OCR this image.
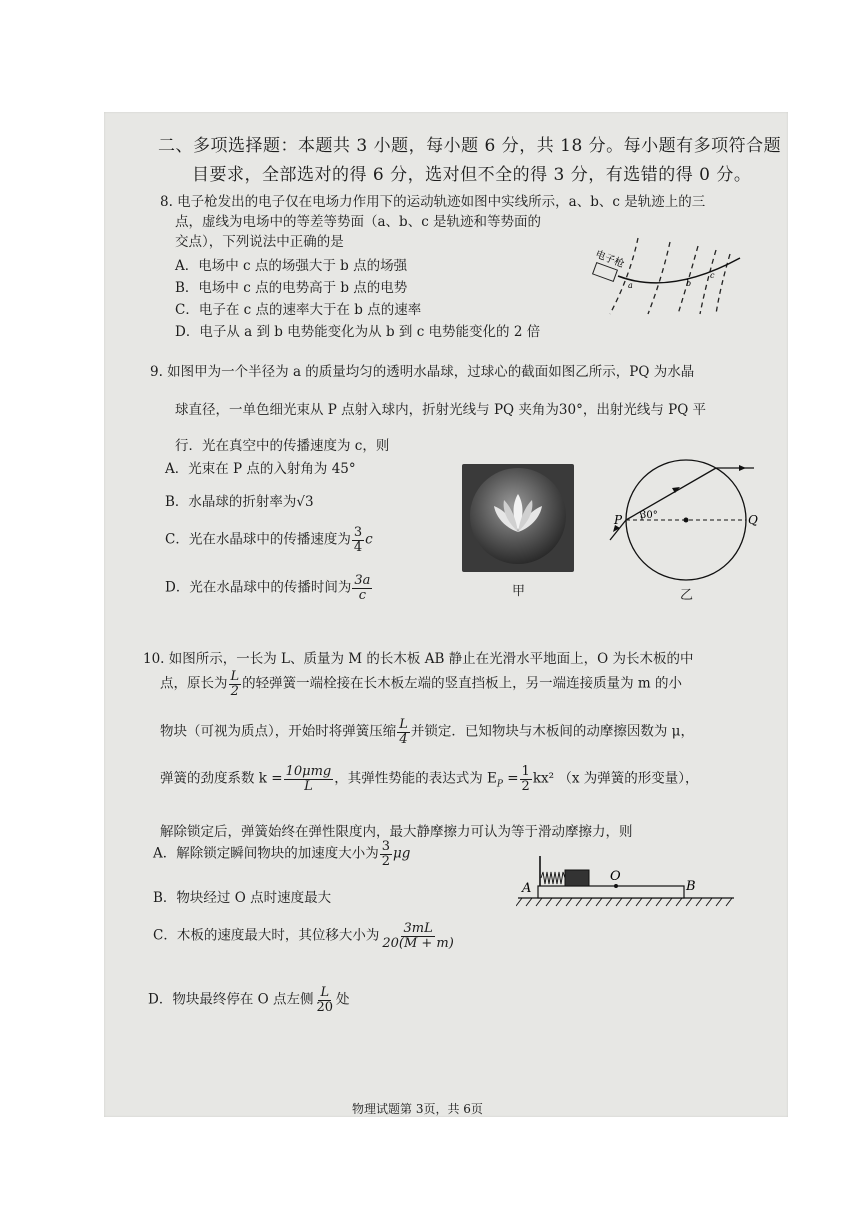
二、多项选择题：本题共 3 小题，每小题 6 分，共 18 分。每小题有多项符合题
目要求，全部选对的得 6 分，选对但不全的得 3 分，有选错的得 0 分。
8. 电子枪发出的电子仅在电场力作用下的运动轨迹如图中实线所示，a、b、c 是轨迹上的三
点，虚线为电场中的等差等势面（a、b、c 是轨迹和等势面的
交点），下列说法中正确的是
A．电场中 c 点的场强大于 b 点的场强
B．电场中 c 点的电势高于 b 点的电势
C．电子在 c 点的速率大于在 b 点的速率
D．电子从 a 到 b 电势能变化为从 b 到 c 电势能变化的 2 倍
电子枪
a	b
c
9. 如图甲为一个半径为 a 的质量均匀的透明水晶球，过球心的截面如图乙所示，PQ 为水晶
球直径，一单色细光束从 P 点射入球内，折射光线与 PQ 夹角为30°，出射光线与 PQ 平
行．光在真空中的传播速度为 c，则
A．光束在 P 点的入射角为 45°
B．水晶球的折射率为√3
C．光在水晶球中的传播速度为 $\frac{3}{4}$ c
D．光在水晶球中的传播时间为 $\frac{3a}{c}$	甲
P	Q
30°
乙
10. 如图所示，一长为 L、质量为 M 的长木板 AB 静止在光滑水平地面上，O 为长木板的中
点，原长为 $\frac{L}{2}$ 的轻弹簧一端栓接在长木板左端的竖直挡板上，另一端连接质量为 m 的小
物块（可视为质点），开始时将弹簧压缩 $\frac{L}{4}$ 并锁定．已知物块与木板间的动摩擦因数为 μ，
弹簧的劲度系数 $k = \frac{\text{10μmg}}{L}$ ，其弹性势能的表达式为 $E_P = \frac{1}{2} kx^2$ （x 为弹簧的形变量），
解除锁定后，弹簧始终在弹性限度内，最大静摩擦力可认为等于滑动摩擦力，则
A．解除锁定瞬间物块的加速度大小为 $\frac{3}{2}$ μg
B．物块经过 O 点时速度最大
C．木板的速度最大时，其位移大小为 $\frac{3mL}{20(M + m)}$
D．物块最终停在 O 点左侧 $\frac{L}{20}$ 处
A	B
O
物理试题第 3页，共 6页
